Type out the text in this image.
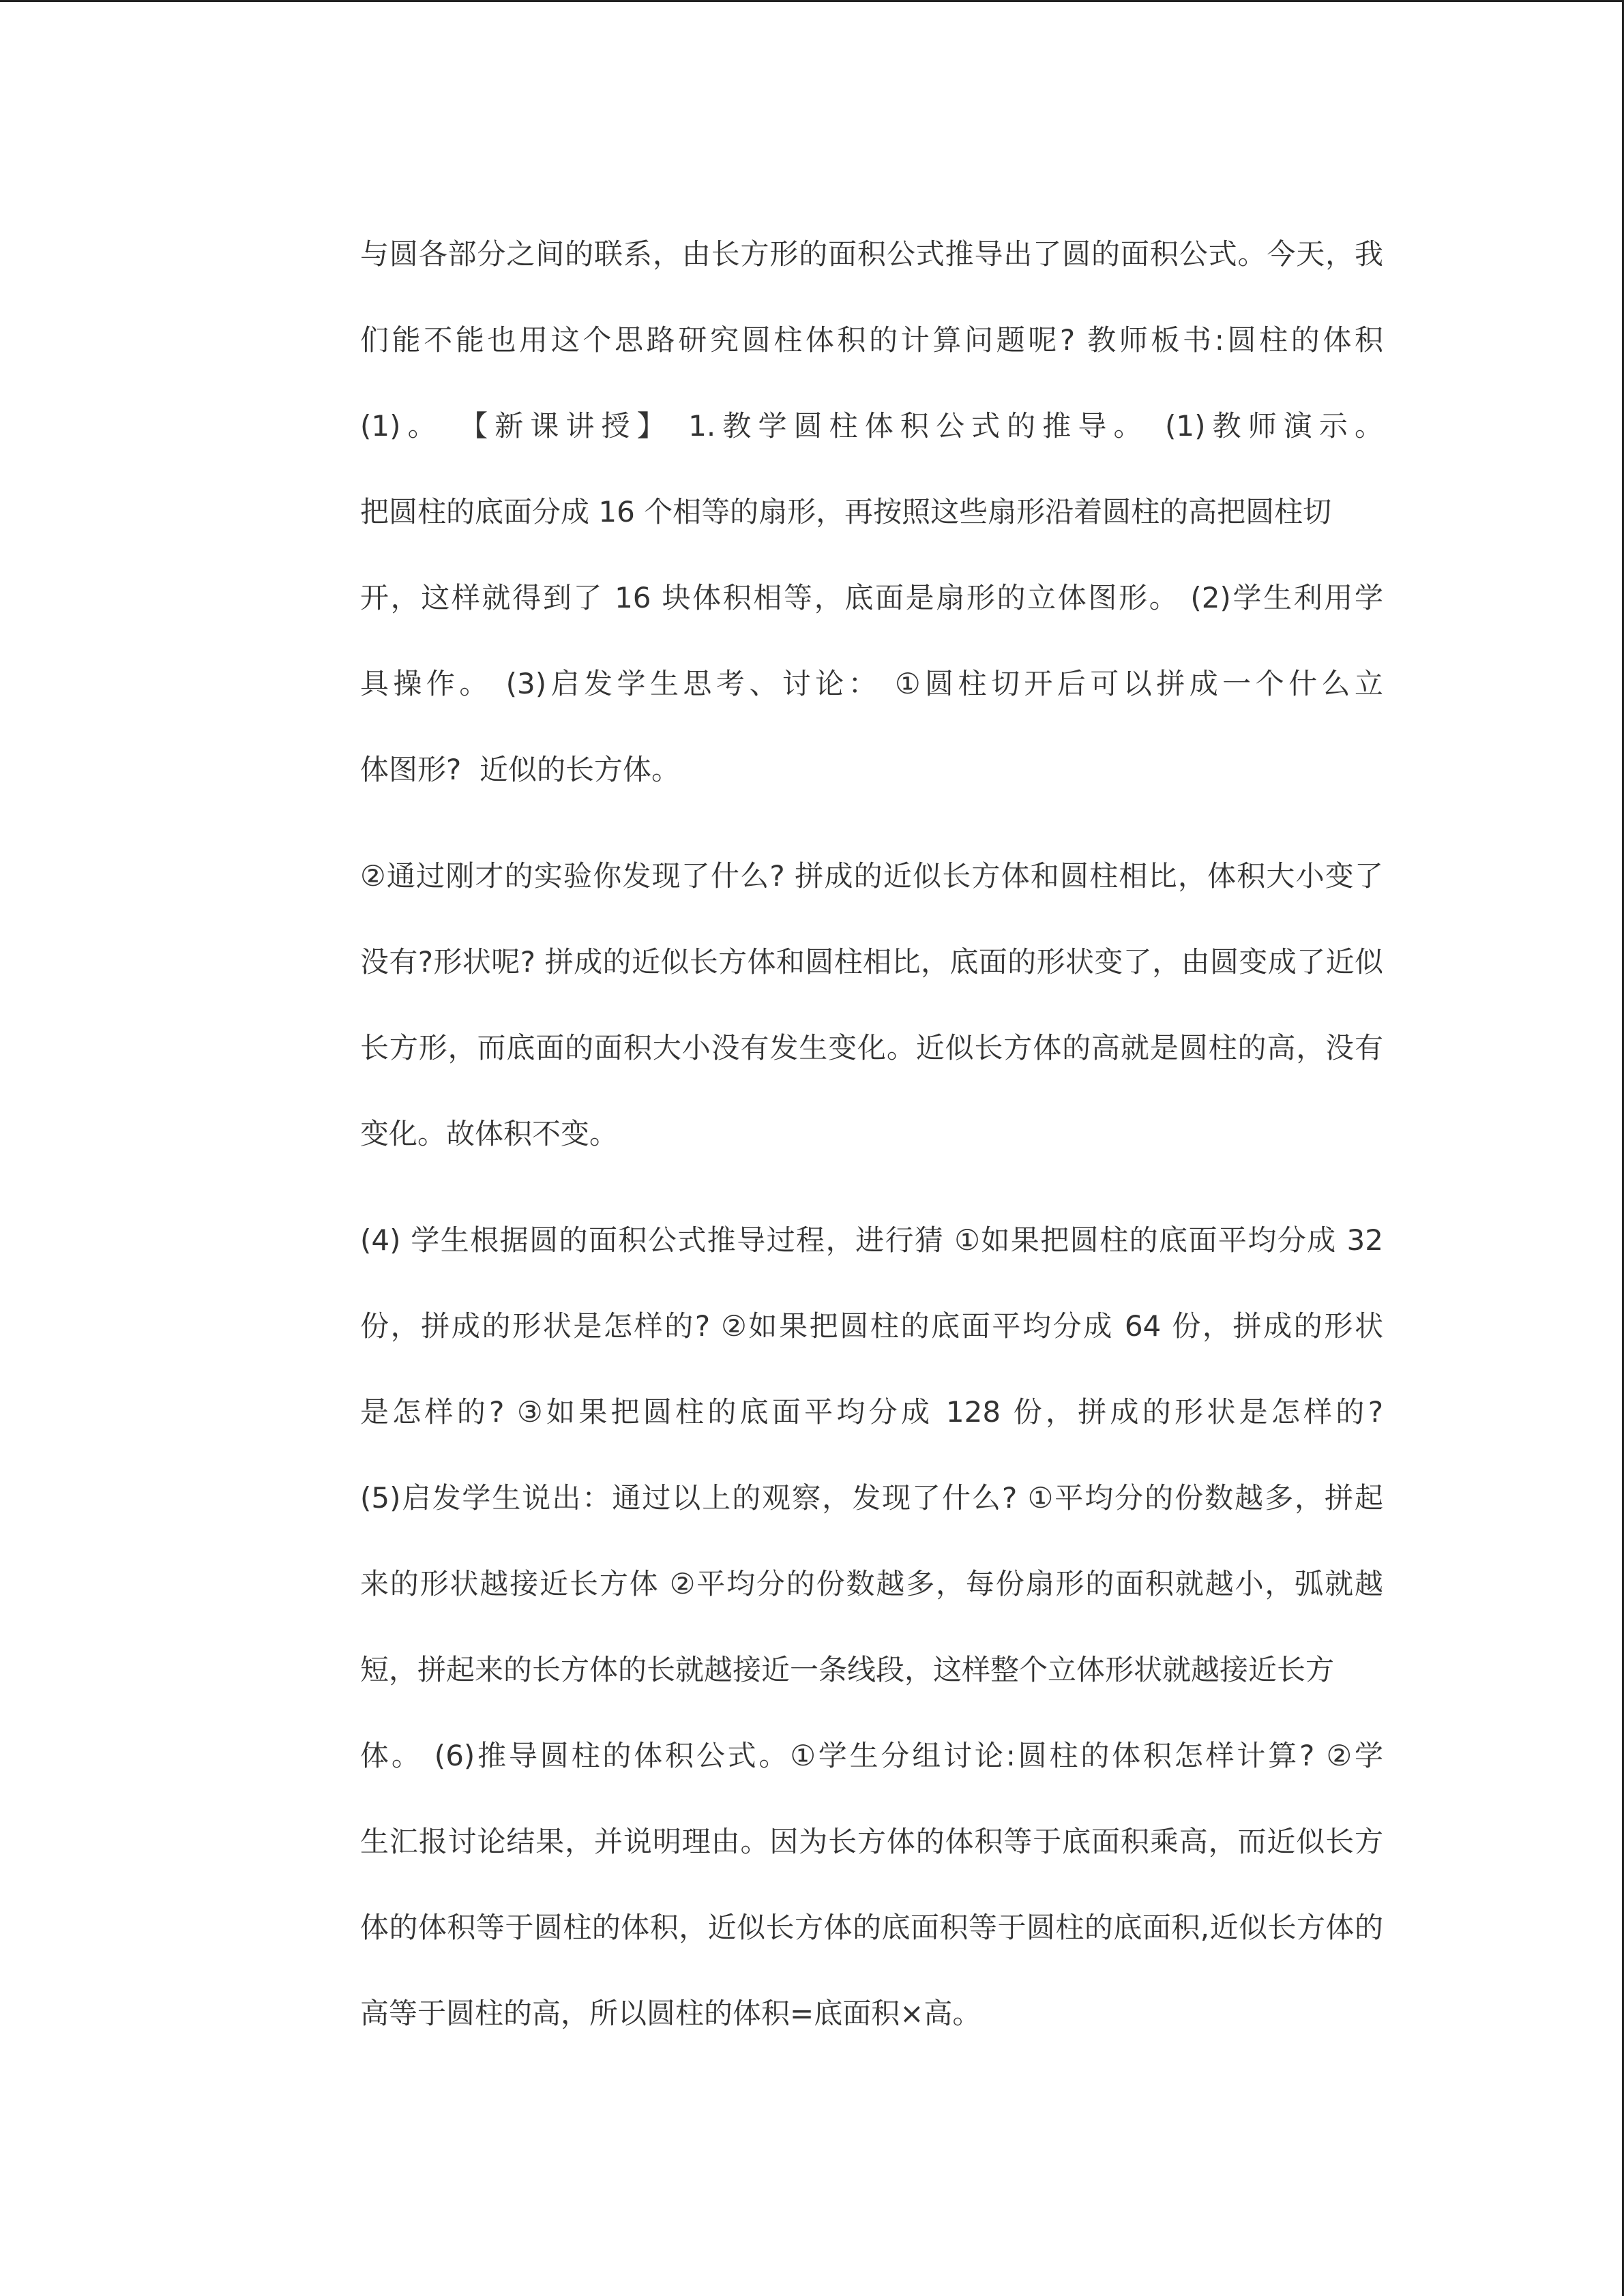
与圆各部分之间的联系，由长方形的面积公式推导出了圆的面积公式。今天，我
们能不能也用这个思路研究圆柱体积的计算问题呢? 教师板书:圆柱的体积
(1)。 【新课讲授】 1.教学圆柱体积公式的推导。 (1)教师演示。
把圆柱的底面分成 16 个相等的扇形，再按照这些扇形沿着圆柱的高把圆柱切
开，这样就得到了 16 块体积相等，底面是扇形的立体图形。 (2)学生利用学
具操作。 (3)启发学生思考、讨论： ①圆柱切开后可以拼成一个什么立
体图形?  近似的长方体。
②通过刚才的实验你发现了什么? 拼成的近似长方体和圆柱相比，体积大小变了
没有?形状呢? 拼成的近似长方体和圆柱相比，底面的形状变了，由圆变成了近似
长方形，而底面的面积大小没有发生变化。近似长方体的高就是圆柱的高，没有
变化。故体积不变。
(4) 学生根据圆的面积公式推导过程，进行猜 ①如果把圆柱的底面平均分成 32
份，拼成的形状是怎样的? ②如果把圆柱的底面平均分成 64 份，拼成的形状
是怎样的? ③如果把圆柱的底面平均分成 128 份，拼成的形状是怎样的?
(5)启发学生说出：通过以上的观察，发现了什么? ①平均分的份数越多，拼起
来的形状越接近长方体 ②平均分的份数越多，每份扇形的面积就越小，弧就越
短，拼起来的长方体的长就越接近一条线段，这样整个立体形状就越接近长方
体。 (6)推导圆柱的体积公式。①学生分组讨论:圆柱的体积怎样计算? ②学
生汇报讨论结果，并说明理由。因为长方体的体积等于底面积乘高，而近似长方
体的体积等于圆柱的体积，近似长方体的底面积等于圆柱的底面积,近似长方体的
高等于圆柱的高，所以圆柱的体积=底面积×高。
